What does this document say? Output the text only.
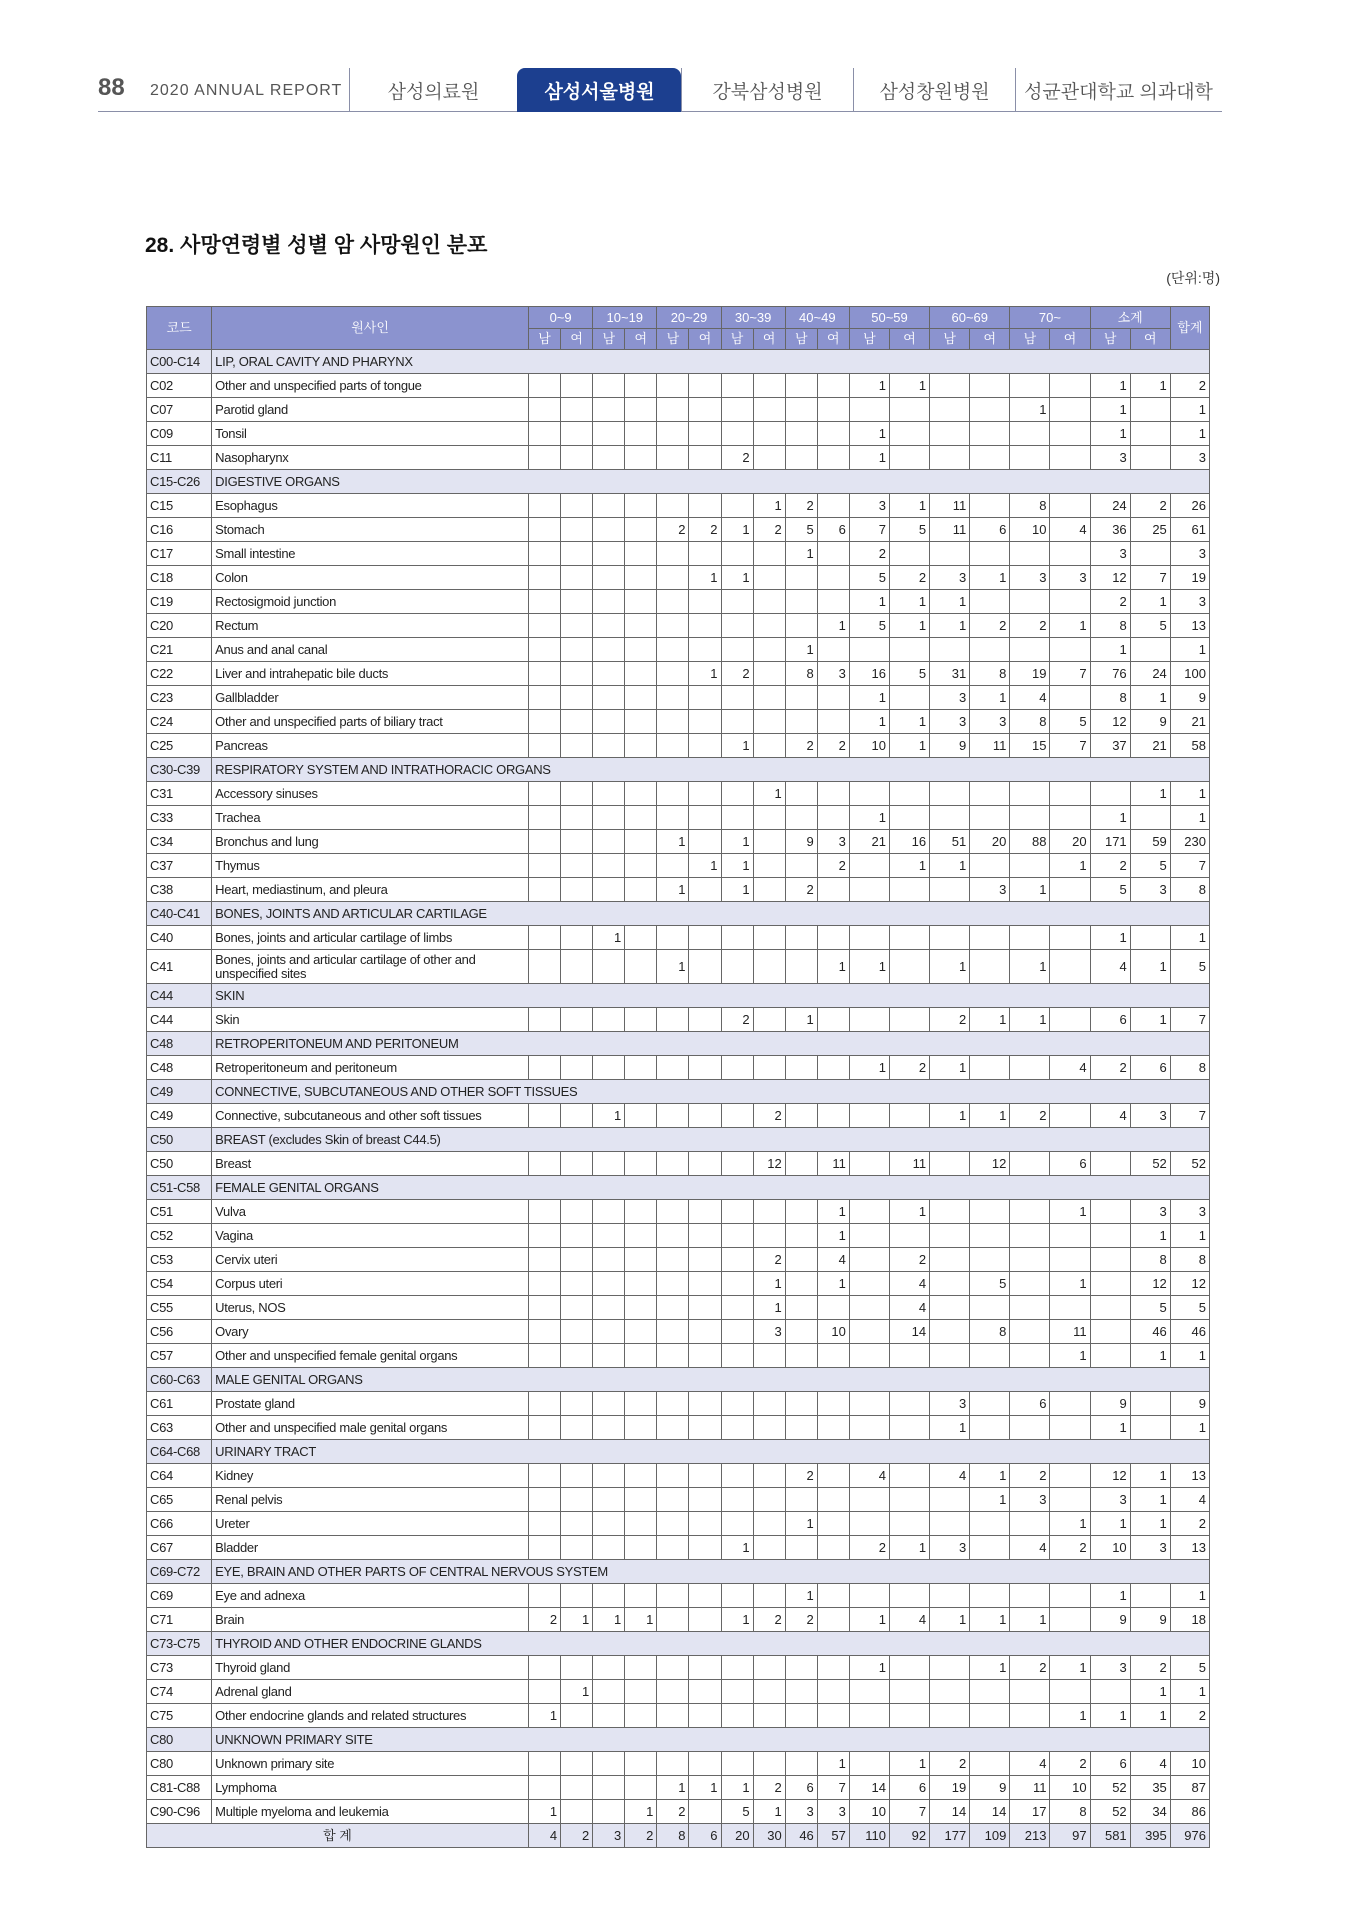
88 2020 ANNUAL REPORT	삼성의료원	삼성서울병원	강북삼성병원	삼성창원병원	성균관대학교 의과대학
28. 사망연령별 성별 암 사망원인 분포
(단위:명)
코드	원사인	0~9		10~19		20~29		30~39		40~49		50~59		60~69		70~		소계		합계
		남	여	남	여	남	여	남	여	남	여	남	여	남	여	남	여	남	여	
C00-C14	LIP, ORAL CAVITY AND PHARYNX																			
C02	Other and unspecified parts of tongue											1	1					1	1	2
C07	Parotid gland															1		1		1
C09	Tonsil											1						1		1
C11	Nasopharynx							2				1						3		3
C15-C26	DIGESTIVE ORGANS																			
C15	Esophagus								1	2		3	1	11		8		24	2	26
C16	Stomach					2	2	1	2	5	6	7	5	11	6	10	4	36	25	61
C17	Small intestine									1		2						3		3
C18	Colon						1	1				5	2	3	1	3	3	12	7	19
C19	Rectosigmoid junction											1	1	1				2	1	3
C20	Rectum										1	5	1	1	2	2	1	8	5	13
C21	Anus and anal canal									1								1		1
C22	Liver and intrahepatic bile ducts						1	2		8	3	16	5	31	8	19	7	76	24	100
C23	Gallbladder											1		3	1	4		8	1	9
C24	Other and unspecified parts of biliary tract											1	1	3	3	8	5	12	9	21
C25	Pancreas							1		2	2	10	1	9	11	15	7	37	21	58
C30-C39	RESPIRATORY SYSTEM AND INTRATHORACIC ORGANS																			
C31	Accessory sinuses								1										1	1
C33	Trachea											1						1		1
C34	Bronchus and lung					1		1		9	3	21	16	51	20	88	20	171	59	230
C37	Thymus						1	1			2		1	1			1	2	5	7
C38	Heart, mediastinum, and pleura					1		1		2					3	1		5	3	8
C40-C41	BONES, JOINTS AND ARTICULAR CARTILAGE																			
C40	Bones, joints and articular cartilage of limbs			1														1		1
C41	Bones, joints and articular cartilage of other and unspecified sites					1					1	1		1		1		4	1	5
C44	SKIN																			
C44	Skin							2		1				2	1	1		6	1	7
C48	RETROPERITONEUM AND PERITONEUM																			
C48	Retroperitoneum and peritoneum											1	2	1			4	2	6	8
C49	CONNECTIVE, SUBCUTANEOUS AND OTHER SOFT TISSUES																			
C49	Connective, subcutaneous and other soft tissues			1					2					1	1	2		4	3	7
C50	BREAST (excludes Skin of breast C44.5)																			
C50	Breast								12		11		11		12		6		52	52
C51-C58	FEMALE GENITAL ORGANS																			
C51	Vulva										1		1				1		3	3
C52	Vagina										1								1	1
C53	Cervix uteri								2		4		2						8	8
C54	Corpus uteri								1		1		4		5		1		12	12
C55	Uterus, NOS								1				4						5	5
C56	Ovary								3		10		14		8		11		46	46
C57	Other and unspecified female genital organs																1		1	1
C60-C63	MALE GENITAL ORGANS																			
C61	Prostate gland													3		6		9		9
C63	Other and unspecified male genital organs													1				1		1
C64-C68	URINARY TRACT																			
C64	Kidney									2		4		4	1	2		12	1	13
C65	Renal pelvis														1	3		3	1	4
C66	Ureter									1							1	1	1	2
C67	Bladder							1				2	1	3		4	2	10	3	13
C69-C72	EYE, BRAIN AND OTHER PARTS OF CENTRAL NERVOUS SYSTEM																			
C69	Eye and adnexa									1								1		1
C71	Brain	2	1	1	1			1	2	2		1	4	1	1	1		9	9	18
C73-C75	THYROID AND OTHER ENDOCRINE GLANDS																			
C73	Thyroid gland											1			1	2	1	3	2	5
C74	Adrenal gland		1																1	1
C75	Other endocrine glands and related structures	1															1	1	1	2
C80	UNKNOWN PRIMARY SITE																			
C80	Unknown primary site										1		1	2		4	2	6	4	10
C81-C88	Lymphoma					1	1	1	2	6	7	14	6	19	9	11	10	52	35	87
C90-C96	Multiple myeloma and leukemia	1			1	2		5	1	3	3	10	7	14	14	17	8	52	34	86
합 계		4	2	3	2	8	6	20	30	46	57	110	92	177	109	213	97	581	395	976
